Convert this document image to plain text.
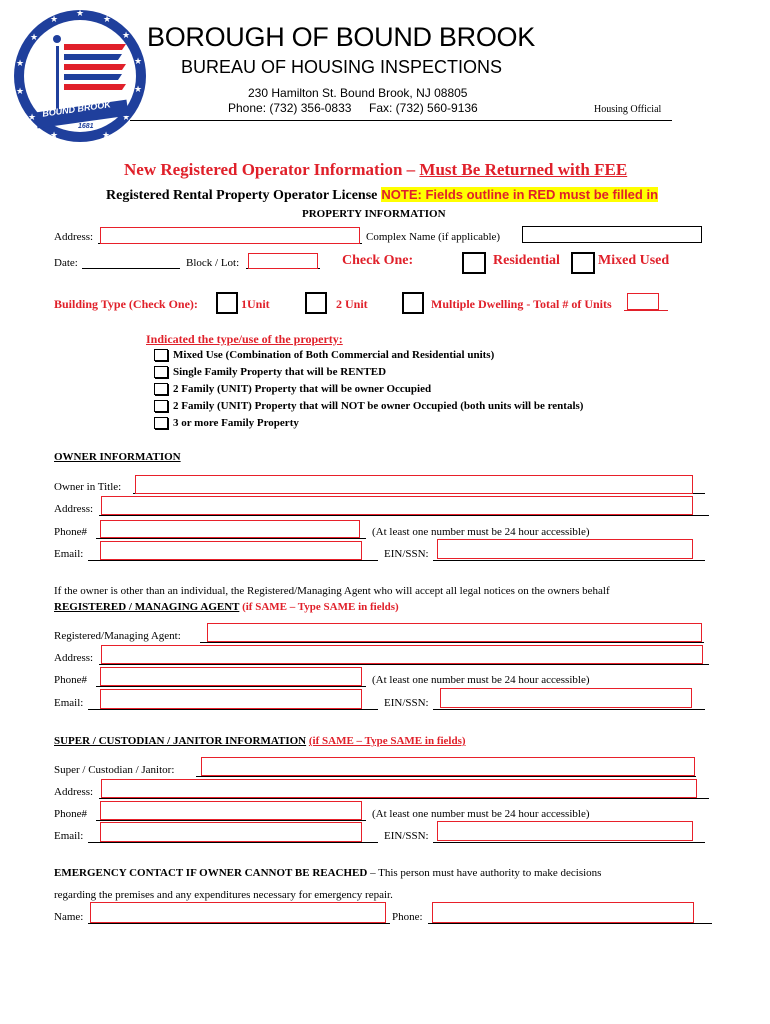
★
★
★
★
★
★
★
★
★
★
★	★
★
BOUND BROOK
1681
BOROUGH OF BOUND BROOK
BUREAU OF HOUSING INSPECTIONS
230 Hamilton St. Bound Brook, NJ 08805
Phone: (732) 356-0833 Fax: (732) 560-9136	Housing Official
New Registered Operator Information – Must Be Returned with FEE
Registered Rental Property Operator License NOTE: Fields outline in RED must be filled in
PROPERTY INFORMATION
Address:	Complex Name (if applicable)
Date:	Block / Lot:	Check One:	Residential	Mixed Used
Building Type (Check One):	1Unit	2 Unit	Multiple Dwelling - Total # of Units
Indicated the type/use of the property:
Mixed Use (Combination of Both Commercial and Residential units)
Single Family Property that will be RENTED
2 Family (UNIT) Property that will be owner Occupied
2 Family (UNIT) Property that will NOT be owner Occupied (both units will be rentals)
3 or more Family Property
OWNER INFORMATION
Owner in Title:
Address:
Phone#	(At least one number must be 24 hour accessible)
Email:	EIN/SSN:
If the owner is other than an individual, the Registered/Managing Agent who will accept all legal notices on the owners behalf
REGISTERED / MANAGING AGENT (if SAME – Type SAME in fields)
Registered/Managing Agent:
Address:
Phone#	(At least one number must be 24 hour accessible)
Email:	EIN/SSN:
SUPER / CUSTODIAN / JANITOR INFORMATION (if SAME – Type SAME in fields)
Super / Custodian / Janitor:
Address:
Phone#	(At least one number must be 24 hour accessible)
Email:	EIN/SSN:
EMERGENCY CONTACT IF OWNER CANNOT BE REACHED – This person must have authority to make decisions
regarding the premises and any expenditures necessary for emergency repair.
Name:	Phone:
